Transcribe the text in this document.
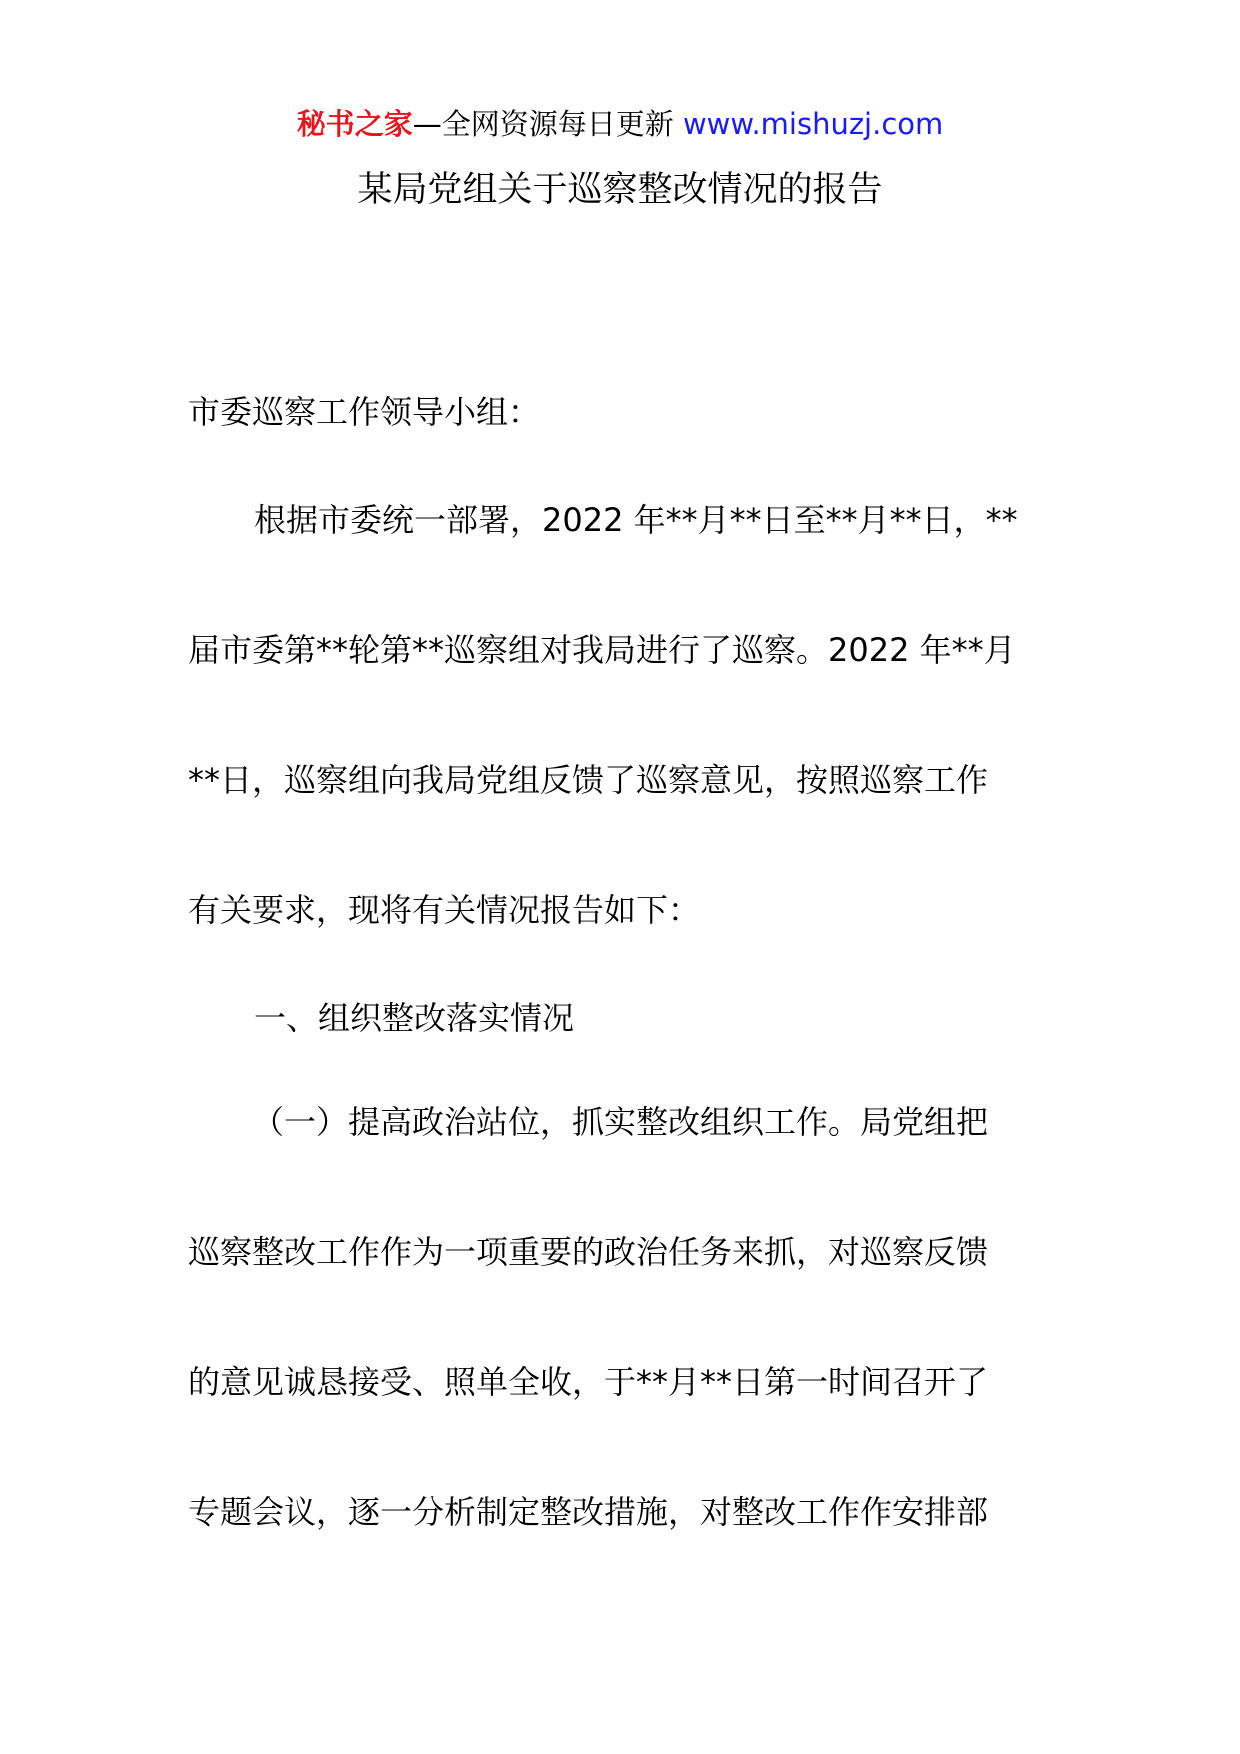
秘书之家—全网资源每日更新 www.mishuzj.com
某局党组关于巡察整改情况的报告
市委巡察工作领导小组：
根据市委统一部署，2022 年**月**日至**月**日，**
届市委第**轮第**巡察组对我局进行了巡察。2022 年**月
**日，巡察组向我局党组反馈了巡察意见，按照巡察工作
有关要求，现将有关情况报告如下：
一、组织整改落实情况
（一）提高政治站位，抓实整改组织工作。局党组把
巡察整改工作作为一项重要的政治任务来抓，对巡察反馈
的意见诚恳接受、照单全收，于**月**日第一时间召开了
专题会议，逐一分析制定整改措施，对整改工作作安排部
